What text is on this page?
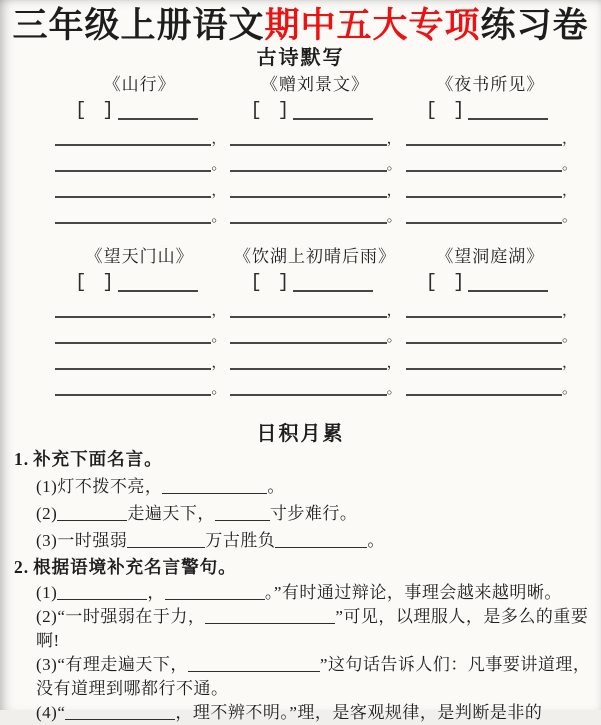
三年级上册语文期中五大专项练习卷
古诗默写
《山行》
[ ]
，
。
，
。
《赠刘景文》
[ ]
，
。
，
。
《夜书所见》
[ ]
，
。
，
。
《望天门山》
[ ]
，
。
，
。
《饮湖上初晴后雨》
[ ]
，
。
，
。
《望洞庭湖》
[ ]
，
。
，
。
日积月累
1. 补充下面名言。
(1)灯不拨不亮，	。
(2)	走遍天下，	寸步难行。
(3)一时强弱	万古胜负	。
2. 根据语境补充名言警句。
(1)	，	。”有时通过辩论，事理会越来越明晰。
(2)“一时强弱在于力，	”可见，以理服人，是多么的重要啊!
(3)“有理走遍天下，	”这句话告诉人们：凡事要讲道理，没有道理到哪都行不通。
(4)“	，理不辨不明。”理，是客观规律，是判断是非的
